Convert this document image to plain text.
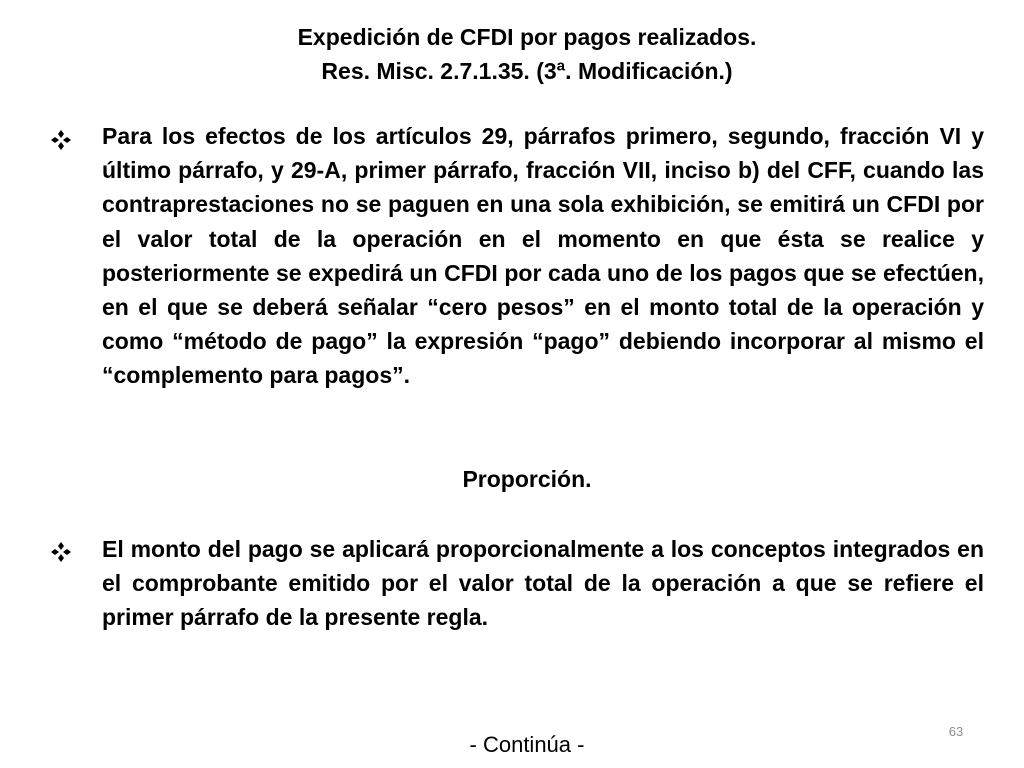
Expedición de CFDI por pagos realizados.
Res. Misc. 2.7.1.35. (3ª. Modificación.)
Para los efectos de los artículos 29, párrafos primero, segundo, fracción VI y último párrafo, y 29-A, primer párrafo, fracción VII, inciso b) del CFF, cuando las contraprestaciones no se paguen en una sola exhibición, se emitirá un CFDI por el valor total de la operación en el momento en que ésta se realice y posteriormente se expedirá un CFDI por cada uno de los pagos que se efectúen, en el que se deberá señalar “cero pesos” en el monto total de la operación y como “método de pago” la expresión “pago” debiendo incorporar al mismo el “complemento para pagos”.
Proporción.
El monto del pago se aplicará proporcionalmente a los conceptos integrados en el comprobante emitido por el valor total de la operación a que se refiere el primer párrafo de la presente regla.
63
- Continúa -
